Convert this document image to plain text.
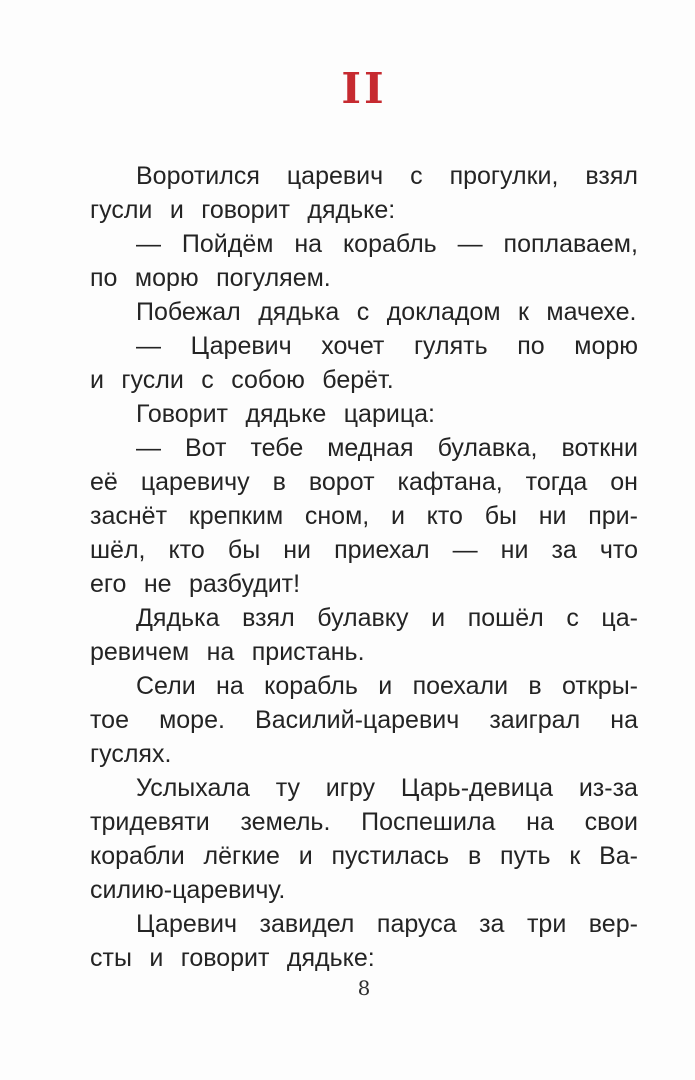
II
Воротился царевич с прогулки, взял
гусли и говорит дядьке:
— Пойдём на корабль — поплаваем,
по морю погуляем.
Побежал дядька с докладом к мачехе.
— Царевич хочет гулять по морю
и гусли с собою берёт.
Говорит дядьке царица:
— Вот тебе медная булавка, воткни
её царевичу в ворот кафтана, тогда он
заснёт крепким сном, и кто бы ни при-
шёл, кто бы ни приехал — ни за что
его не разбудит!
Дядька взял булавку и пошёл с ца-
ревичем на пристань.
Сели на корабль и поехали в откры-
тое море. Василий-царевич заиграл на
гуслях.
Услыхала ту игру Царь-девица из-за
тридевяти земель. Поспешила на свои
корабли лёгкие и пустилась в путь к Ва-
силию-царевичу.
Царевич завидел паруса за три вер-
сты и говорит дядьке:
8
